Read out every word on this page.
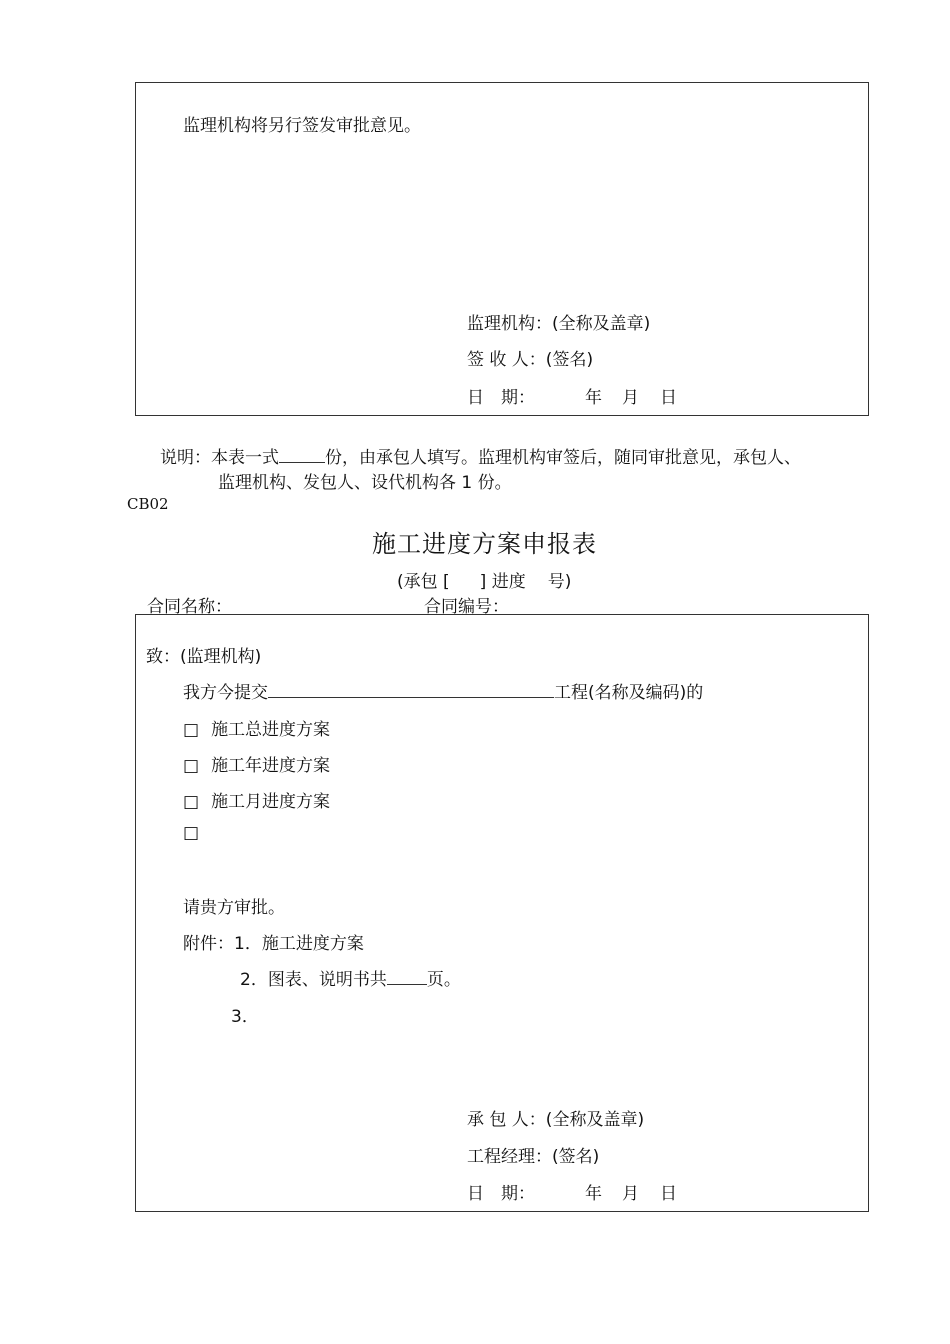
监理机构将另行签发审批意见。
监理机构：(全称及盖章)
签 收 人：(签名)
日　期：	年 月 日
说明：本表一式	份，由承包人填写。监理机构审签后，随同审批意见，承包人、
监理机构、发包人、设代机构各 1 份。
CB02
施工进度方案申报表
(承包 [ ] 进度 号)
合同名称：	合同编号：
致：(监理机构)
我方今提交	工程(名称及编码)的
□ 施工总进度方案
□ 施工年进度方案
□ 施工月进度方案
□
请贵方审批。
附件：1．施工进度方案
2．图表、说明书共 页。
3．
承 包 人：(全称及盖章)
工程经理：(签名)
日　期：	年 月 日
